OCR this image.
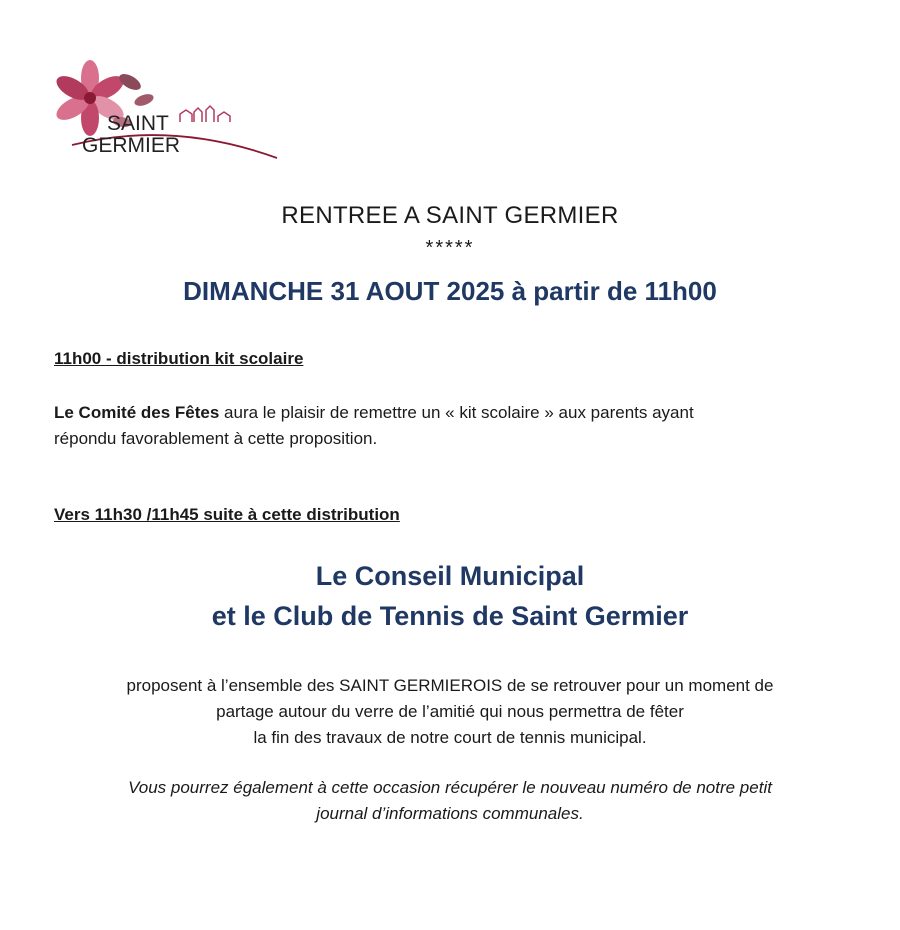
SAINT
GERMIER
RENTREE A SAINT GERMIER
*****
DIMANCHE 31 AOUT 2025 à partir de 11h00
11h00 - distribution kit scolaire
Le Comité des Fêtes aura le plaisir de remettre un « kit scolaire » aux parents ayant
répondu favorablement à cette proposition.
Vers 11h30 /11h45 suite à cette distribution
Le Conseil Municipal
et le Club de Tennis de Saint Germier
proposent à l’ensemble des SAINT GERMIEROIS de se retrouver pour un moment de
partage autour du verre de l’amitié qui nous permettra de fêter
la fin des travaux de notre court de tennis municipal.
Vous pourrez également à cette occasion récupérer le nouveau numéro de notre petit
journal d’informations communales.
